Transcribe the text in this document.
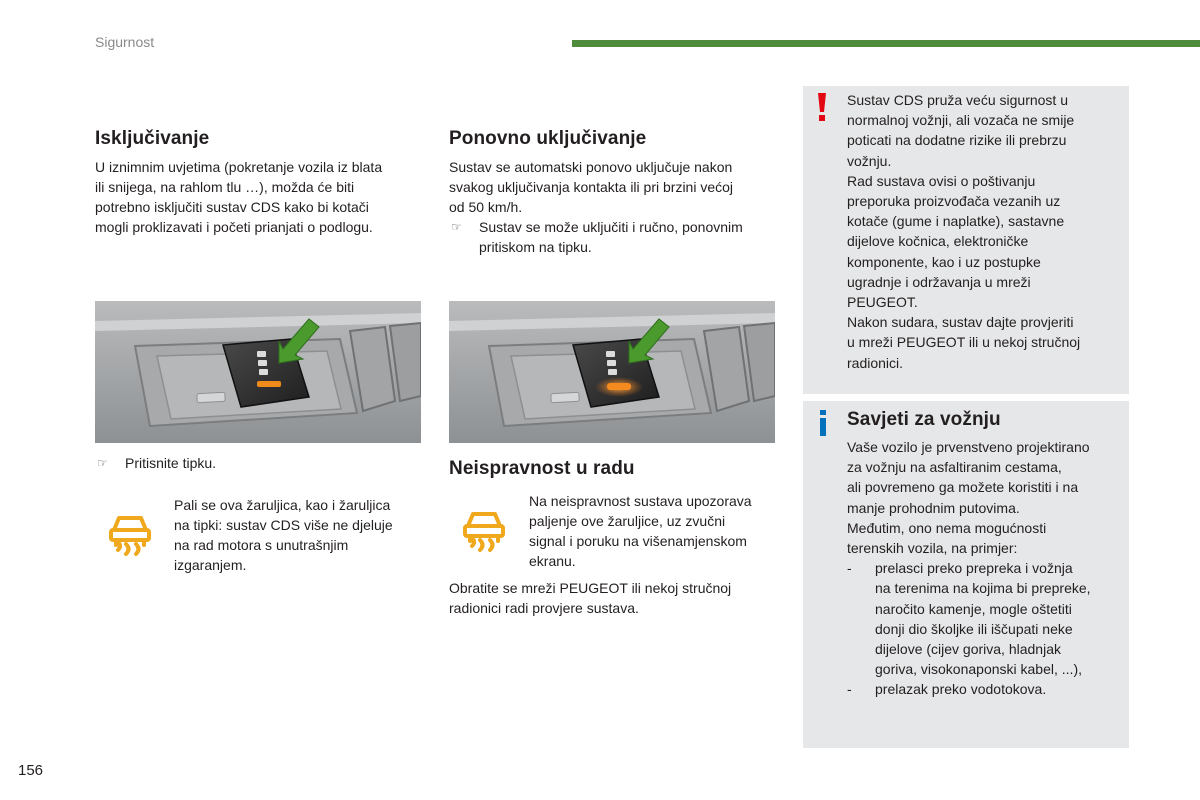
Sigurnost
Isključivanje

U iznimnim uvjetima (pokretanje vozila iz blata

ili snijega, na rahlom tlu …), možda će biti

potrebno isključiti sustav CDS kako bi kotači

mogli proklizavati i početi prianjati o podlogu.

☞	Pritisnite tipku.

Pali se ova žaruljica, kao i žaruljica

na tipki: sustav CDS više ne djeluje

na rad motora s unutrašnjim

izgaranjem.

Ponovno uključivanje

Sustav se automatski ponovo uključuje nakon

svakog uključivanja kontakta ili pri brzini većoj

od 50 km/h.

☞	Sustav se može uključiti i ručno, ponovnim
pritiskom na tipku.
Neispravnost u radu

Na neispravnost sustava upozorava

paljenje ove žaruljice, uz zvučni

signal i poruku na višenamjenskom

ekranu.

Obratite se mreži PEUGEOT ili nekoj stručnoj

radionici radi provjere sustava.

Sustav CDS pruža veću sigurnost u

normalnoj vožnji, ali vozača ne smije

poticati na dodatne rizike ili prebrzu

vožnju.

Rad sustava ovisi o poštivanju

preporuka proizvođača vezanih uz

kotače (gume i naplatke), sastavne

dijelove kočnica, elektroničke

komponente, kao i uz postupke

ugradnje i održavanja u mreži

PEUGEOT.

Nakon sudara, sustav dajte provjeriti

u mreži PEUGEOT ili u nekoj stručnoj

radionici.

Savjeti za vožnju

Vaše vozilo je prvenstveno projektirano

za vožnju na asfaltiranim cestama,

ali povremeno ga možete koristiti i na

manje prohodnim putovima.

Međutim, ono nema mogućnosti

terenskih vozila, na primjer:

-	prelasci preko prepreka i vožnja
na terenima na kojima bi prepreke,
naročito kamenje, mogle oštetiti
donji dio školjke ili iščupati neke
dijelove (cijev goriva, hladnjak
goriva, visokonaponski kabel, ...),
-	prelazak preko vodotokova.
156
